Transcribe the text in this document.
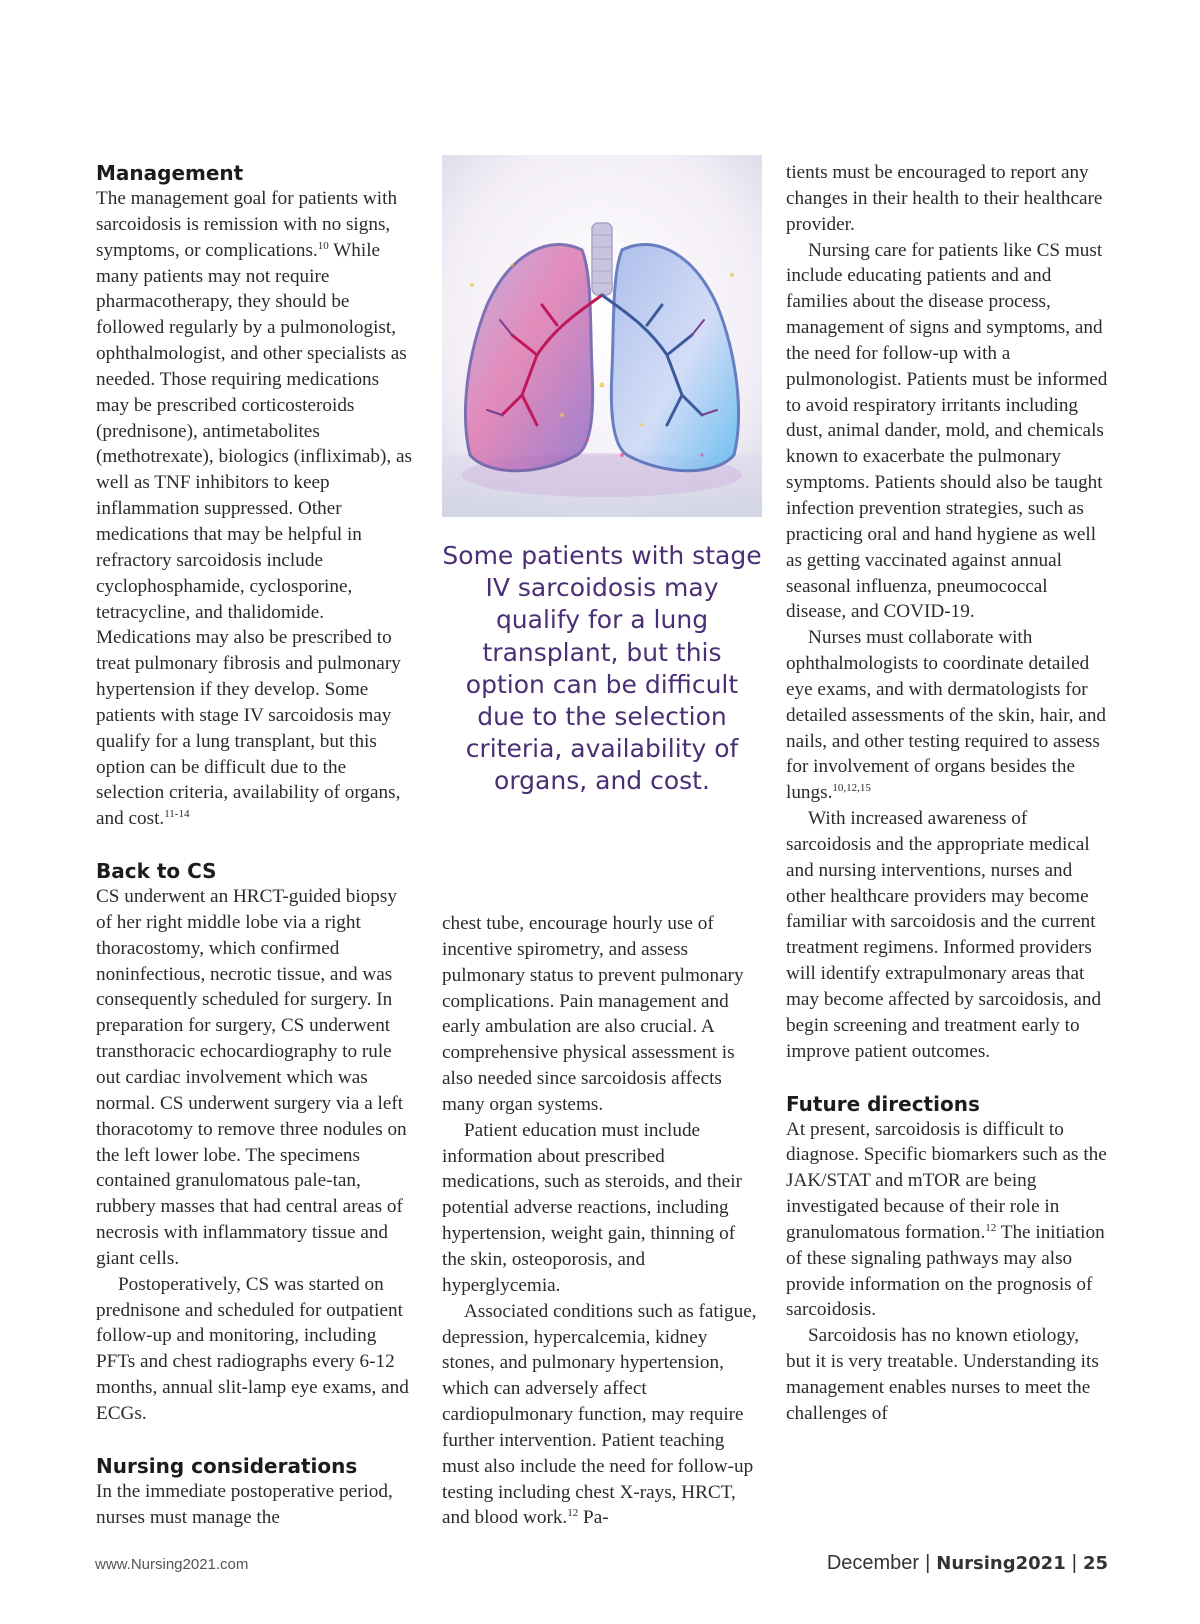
Management

The management goal for patients with sarcoidosis is remission with no signs, symptoms, or complications.$^{10}$ While many patients may not require pharmacotherapy, they should be followed regularly by a pulmonologist, ophthalmologist, and other specialists as needed. Those requiring medications may be prescribed corticosteroids (prednisone), antimetabolites (methotrexate), biologics (infliximab), as well as TNF inhibitors to keep inflammation suppressed. Other medications that may be helpful in refractory sarcoidosis include cyclophosphamide, cyclosporine, tetracycline, and thalidomide. Medications may also be prescribed to treat pulmonary fibrosis and pulmonary hypertension if they develop. Some patients with stage IV sarcoidosis may qualify for a lung transplant, but this option can be difficult due to the selection criteria, availability of organs, and cost.$^{11-14}$

Back to CS

CS underwent an HRCT-guided biopsy of her right middle lobe via a right thoracostomy, which confirmed noninfectious, necrotic tissue, and was consequently scheduled for surgery. In preparation for surgery, CS underwent transthoracic echocardiography to rule out cardiac involvement which was normal. CS underwent surgery via a left thoracotomy to remove three nodules on the left lower lobe. The specimens contained granulomatous pale-tan, rubbery masses that had central areas of necrosis with inflammatory tissue and giant cells.

Postoperatively, CS was started on prednisone and scheduled for outpatient follow-up and monitoring, including PFTs and chest radiographs every 6-12 months, annual slit-lamp eye exams, and ECGs.

Nursing considerations

In the immediate postoperative period, nurses must manage the

Some patients with stage IV sarcoidosis may qualify for a lung transplant, but this option can be difficult due to the selection criteria, availability of organs, and cost.

chest tube, encourage hourly use of incentive spirometry, and assess pulmonary status to prevent pulmonary complications. Pain management and early ambulation are also crucial. A comprehensive physical assessment is also needed since sarcoidosis affects many organ systems.

Patient education must include information about prescribed medications, such as steroids, and their potential adverse reactions, including hypertension, weight gain, thinning of the skin, osteoporosis, and hyperglycemia.

Associated conditions such as fatigue, depression, hypercalcemia, kidney stones, and pulmonary hypertension, which can adversely affect cardiopulmonary function, may require further intervention. Patient teaching must also include the need for follow-up testing including chest X-rays, HRCT, and blood work.$^{12}$ Pa-

tients must be encouraged to report any changes in their health to their healthcare provider.

Nursing care for patients like CS must include educating patients and and families about the disease process, management of signs and symptoms, and the need for follow-up with a pulmonologist. Patients must be informed to avoid respiratory irritants including dust, animal dander, mold, and chemicals known to exacerbate the pulmonary symptoms. Patients should also be taught infection prevention strategies, such as practicing oral and hand hygiene as well as getting vaccinated against annual seasonal influenza, pneumococcal disease, and COVID-19.

Nurses must collaborate with ophthalmologists to coordinate detailed eye exams, and with dermatologists for detailed assessments of the skin, hair, and nails, and other testing required to assess for involvement of organs besides the lungs.$^{10,12,15}$

With increased awareness of sarcoidosis and the appropriate medical and nursing interventions, nurses and other healthcare providers may become familiar with sarcoidosis and the current treatment regimens. Informed providers will identify extrapulmonary areas that may become affected by sarcoidosis, and begin screening and treatment early to improve patient outcomes.

Future directions

At present, sarcoidosis is difficult to diagnose. Specific biomarkers such as the JAK/STAT and mTOR are being investigated because of their role in granulomatous formation.$^{12}$ The initiation of these signaling pathways may also provide information on the prognosis of sarcoidosis.

Sarcoidosis has no known etiology, but it is very treatable. Understanding its management enables nurses to meet the challenges of

www.Nursing2021.com	December | Nursing2021 | 25
